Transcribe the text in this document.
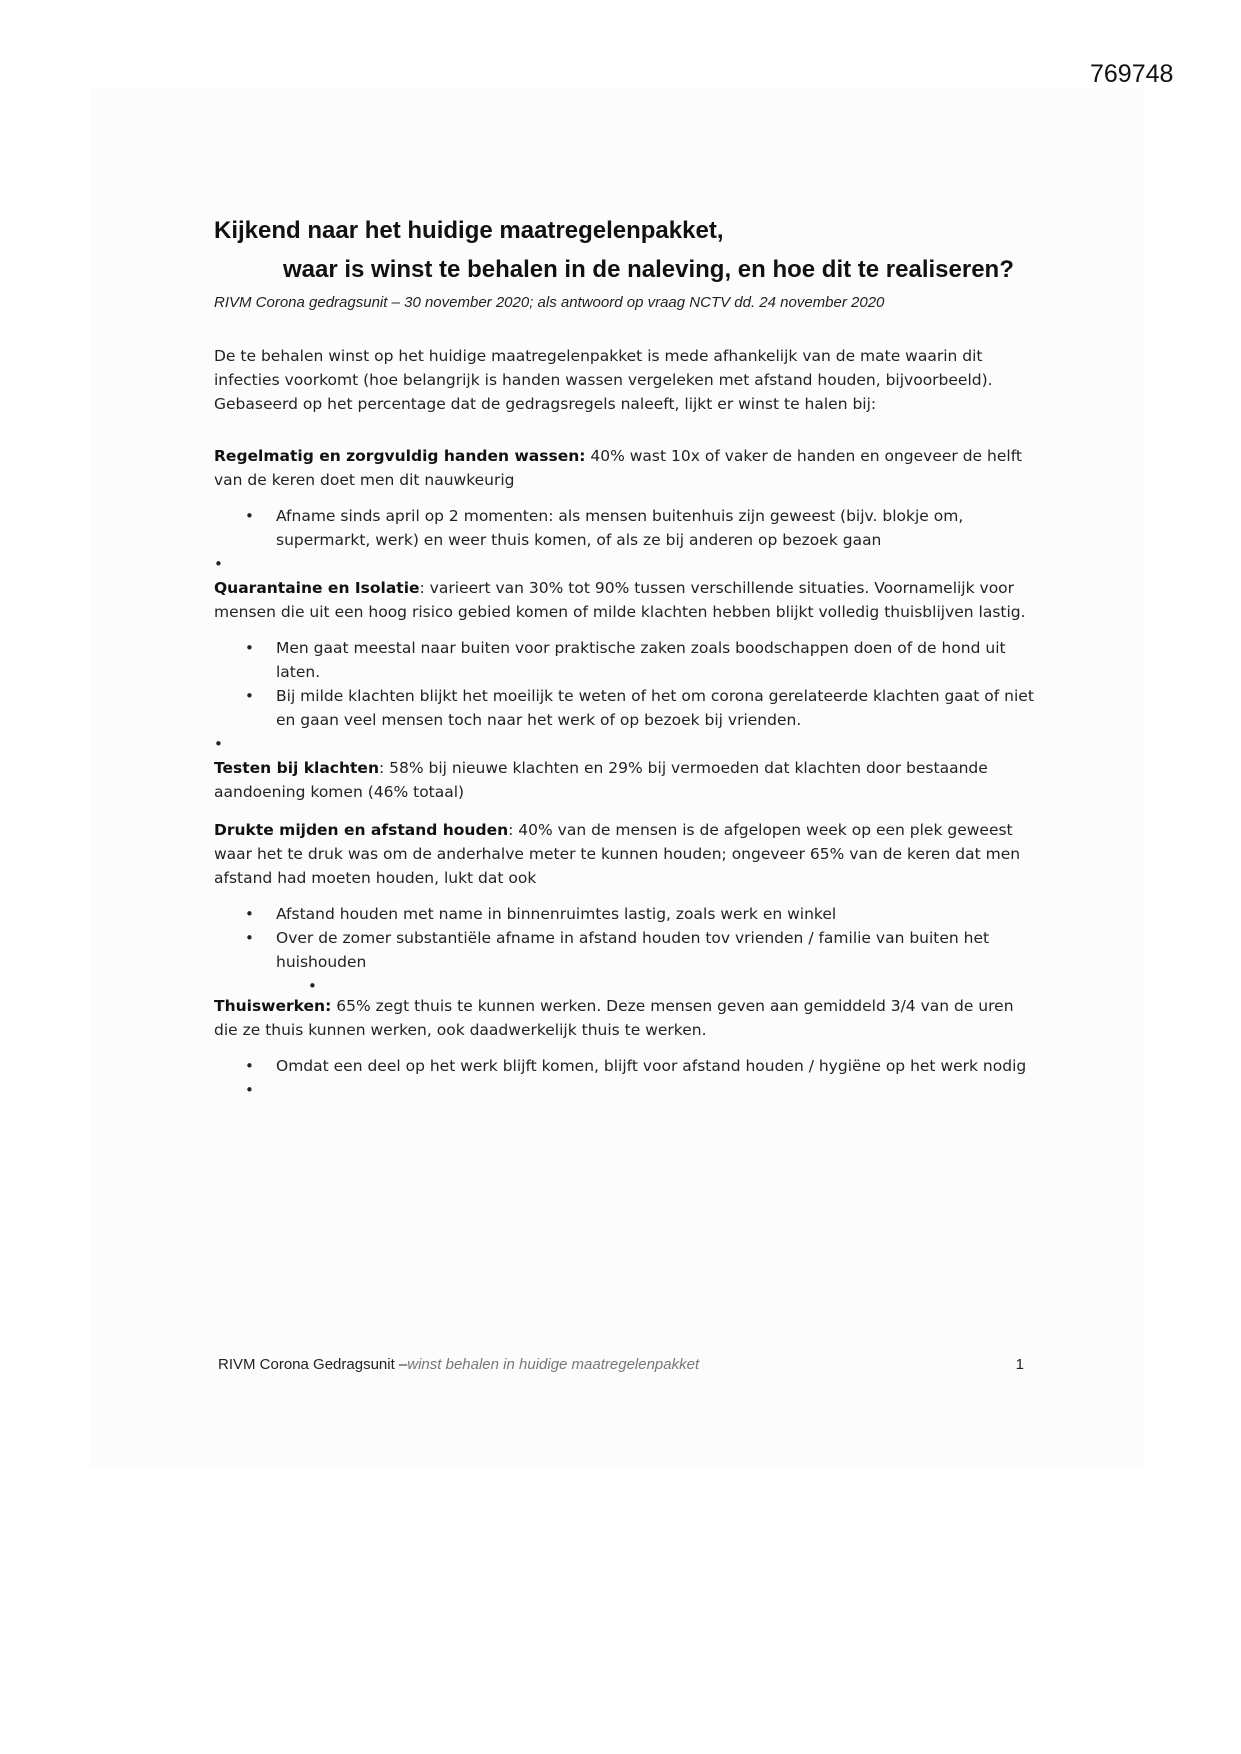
769748
Kijkend naar het huidige maatregelenpakket,
waar is winst te behalen in de naleving, en hoe dit te realiseren?
RIVM Corona gedragsunit – 30 november 2020; als antwoord op vraag NCTV dd. 24 november 2020

De te behalen winst op het huidige maatregelenpakket is mede afhankelijk van de mate waarin dit infecties voorkomt (hoe belangrijk is handen wassen vergeleken met afstand houden, bijvoorbeeld). Gebaseerd op het percentage dat de gedragsregels naleeft, lijkt er winst te halen bij:

Regelmatig en zorgvuldig handen wassen: 40% wast 10x of vaker de handen en ongeveer de helft van de keren doet men dit nauwkeurig

• Afname sinds april op 2 momenten: als mensen buitenhuis zijn geweest (bijv. blokje om, supermarkt, werk) en weer thuis komen, of als ze bij anderen op bezoek gaan
•

Quarantaine en Isolatie: varieert van 30% tot 90% tussen verschillende situaties. Voornamelijk voor mensen die uit een hoog risico gebied komen of milde klachten hebben blijkt volledig thuisblijven lastig.

• Men gaat meestal naar buiten voor praktische zaken zoals boodschappen doen of de hond uit laten.
• Bij milde klachten blijkt het moeilijk te weten of het om corona gerelateerde klachten gaat of niet en gaan veel mensen toch naar het werk of op bezoek bij vrienden.
•

Testen bij klachten: 58% bij nieuwe klachten en 29% bij vermoeden dat klachten door bestaande aandoening komen (46% totaal)

Drukte mijden en afstand houden: 40% van de mensen is de afgelopen week op een plek geweest waar het te druk was om de anderhalve meter te kunnen houden; ongeveer 65% van de keren dat men afstand had moeten houden, lukt dat ook

• Afstand houden met name in binnenruimtes lastig, zoals werk en winkel
• Over de zomer substantiële afname in afstand houden tov vrienden / familie van buiten het huishouden
•

Thuiswerken: 65% zegt thuis te kunnen werken. Deze mensen geven aan gemiddeld 3/4 van de uren die ze thuis kunnen werken, ook daadwerkelijk thuis te werken.

• Omdat een deel op het werk blijft komen, blijft voor afstand houden / hygiëne op het werk nodig
•
RIVM Corona Gedragsunit –winst behalen in huidige maatregelenpakket	1
